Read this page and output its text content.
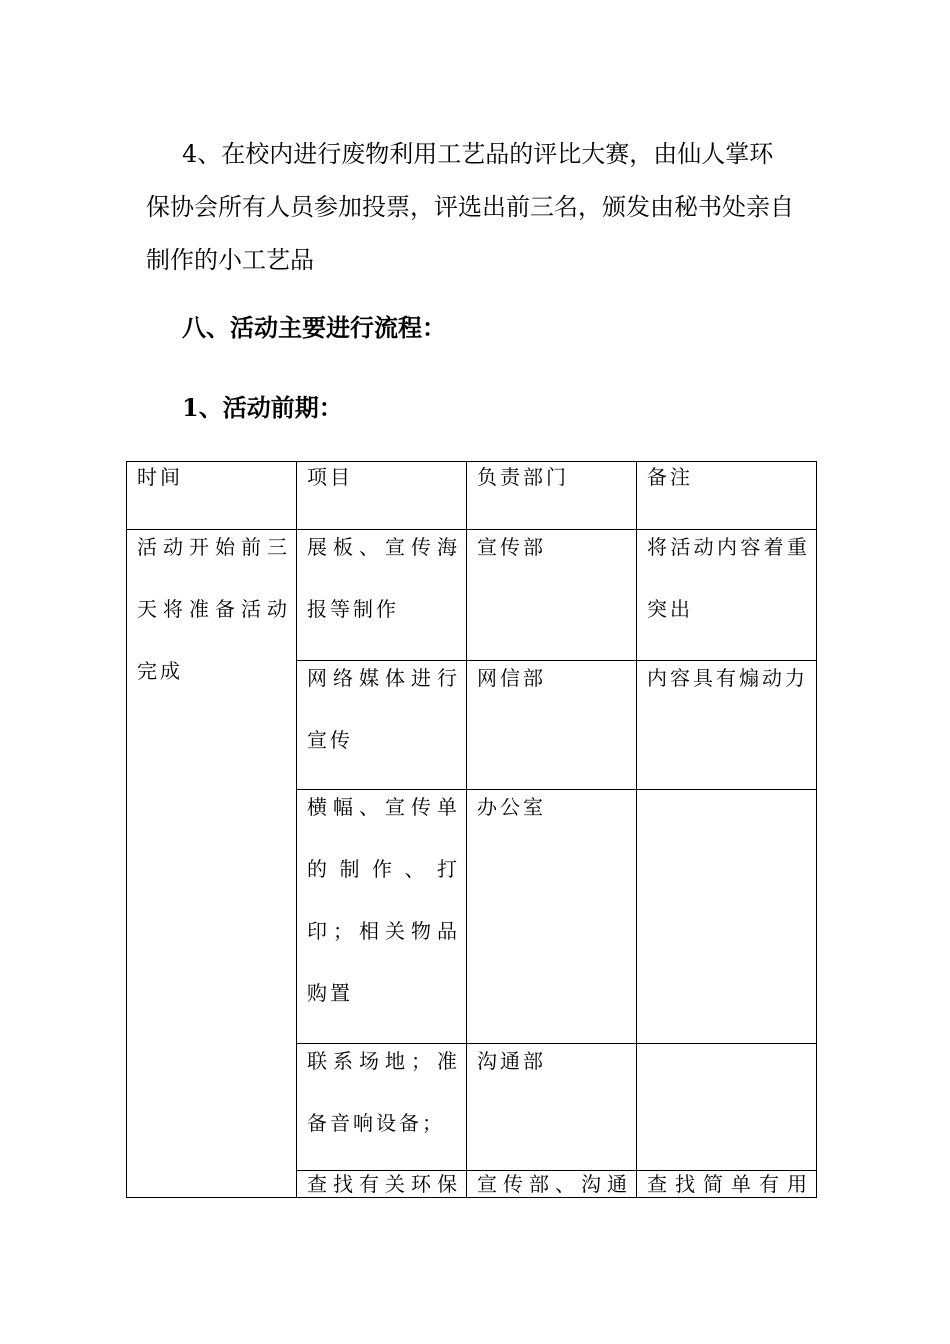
4、在校内进行废物利用工艺品的评比大赛，由仙人掌环保协会所有人员参加投票，评选出前三名，颁发由秘书处亲自制作的小工艺品
八、活动主要进行流程：
1、活动前期：
时间	项目	负责部门	备注

活动开始前三天将准备活动完成	展板、宣传海报等制作	宣传部	将活动内容着重突出

	网络媒体进行宣传	网信部	内容具有煽动力

	横幅、宣传单的制作、打印；相关物品购置	办公室	

	联系场地；准备音响设备；	沟通部	

	查找有关环保	宣传部、沟通	查找简单有用
